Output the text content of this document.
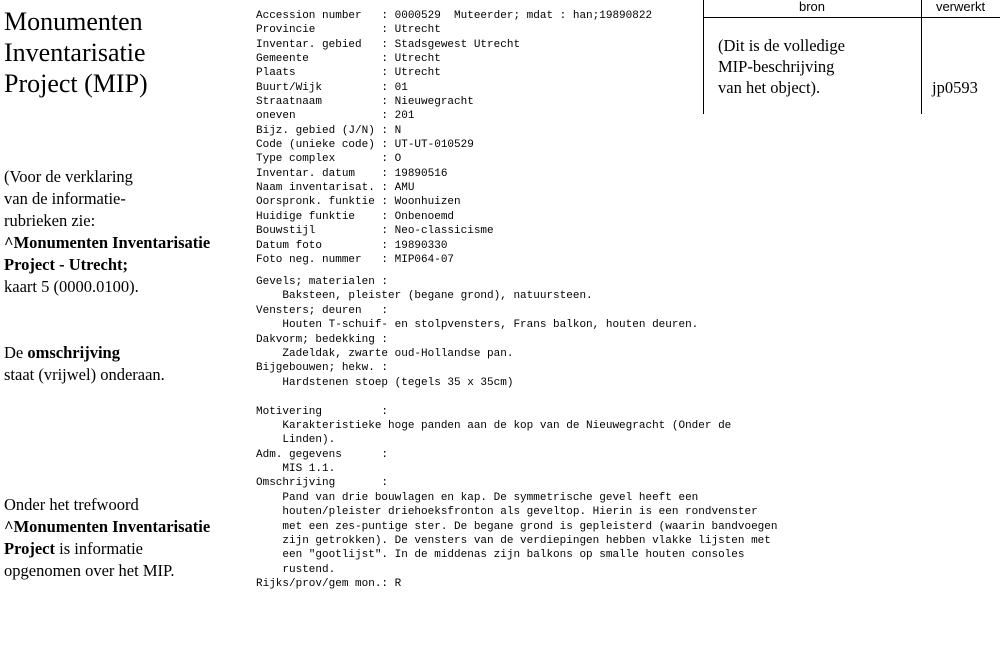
Monumenten
Inventarisatie
Project (MIP)
(Voor de verklaring
van de informatie-
rubrieken zie:
^Monumenten Inventarisatie
Project - Utrecht;
kaart 5 (0000.0100).
De omschrijving
staat (vrijwel) onderaan.
Onder het trefwoord
^Monumenten Inventarisatie
Project is informatie
opgenomen over het MIP.
Accession number   : 0000529  Muteerder; mdat : han;19890822
Provincie          : Utrecht
Inventar. gebied   : Stadsgewest Utrecht
Gemeente           : Utrecht
Plaats             : Utrecht
Buurt/Wijk         : 01
Straatnaam         : Nieuwegracht
oneven             : 201
Bijz. gebied (J/N) : N
Code (unieke code) : UT-UT-010529
Type complex       : O
Inventar. datum    : 19890516
Naam inventarisat. : AMU
Oorspronk. funktie : Woonhuizen
Huidige funktie    : Onbenoemd
Bouwstijl          : Neo-classicisme
Datum foto         : 19890330
Foto neg. nummer   : MIP064-07
Gevels; materialen :
Baksteen, pleister (begane grond), natuursteen.
Vensters; deuren   :
Houten T-schuif- en stolpvensters, Frans balkon, houten deuren.
Dakvorm; bedekking :
Zadeldak, zwarte oud-Hollandse pan.
Bijgebouwen; hekw. :
Hardstenen stoep (tegels 35 x 35cm)
Motivering         :
Karakteristieke hoge panden aan de kop van de Nieuwegracht (Onder de
Linden).
Adm. gegevens      :
MIS 1.1.
Omschrijving       :
Pand van drie bouwlagen en kap. De symmetrische gevel heeft een
houten/pleister driehoeksfronton als geveltop. Hierin is een rondvenster
met een zes-puntige ster. De begane grond is gepleisterd (waarin bandvoegen
zijn getrokken). De vensters van de verdiepingen hebben vlakke lijsten met
een "gootlijst". In de middenas zijn balkons op smalle houten consoles
rustend.
Rijks/prov/gem mon.: R
bron	verwerkt
(Dit is de volledige
MIP-beschrijving
van het object).	jp0593
